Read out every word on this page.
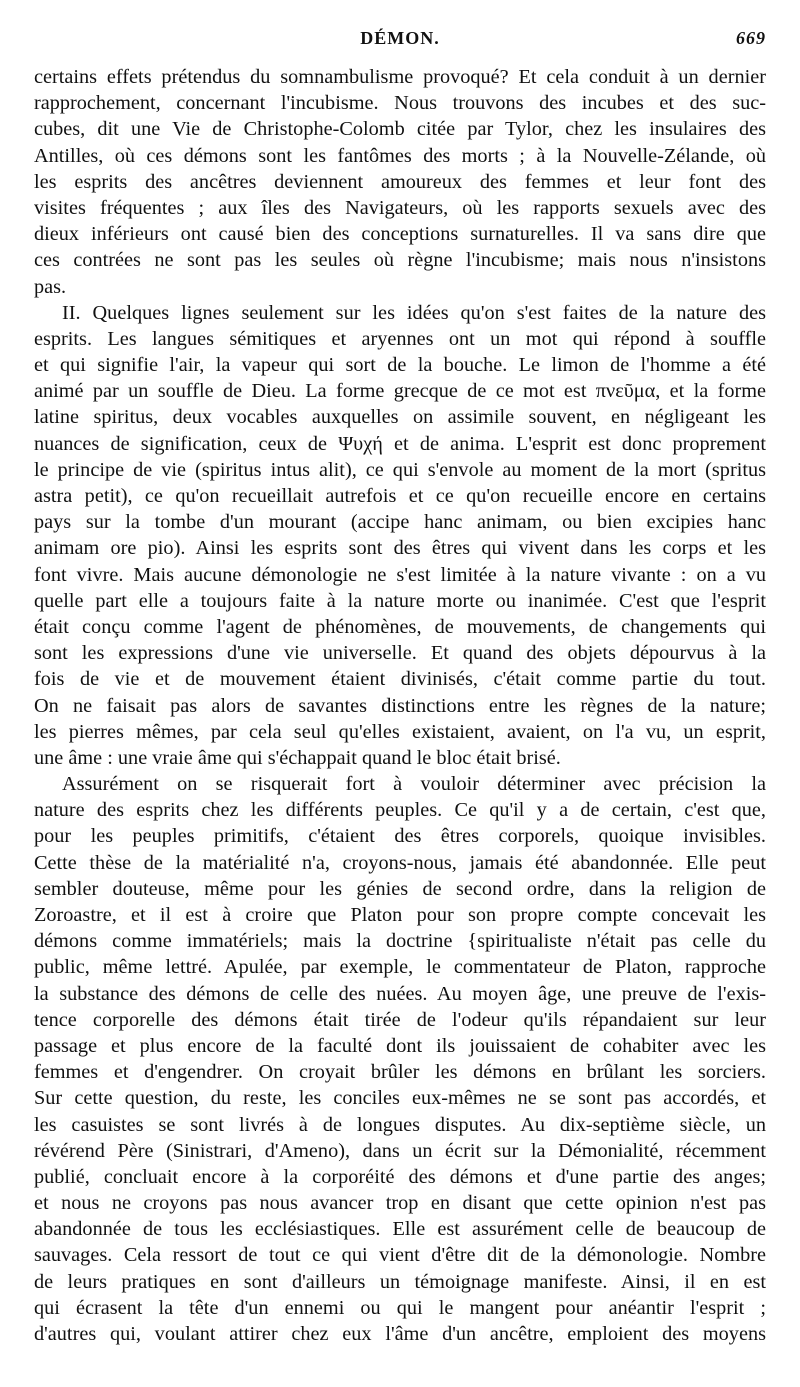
DÉMON.	669
certains effets prétendus du somnambulisme provoqué? Et cela conduit à un dernier
rapprochement, concernant l'incubisme. Nous trouvons des incubes et des suc-
cubes, dit une Vie de Christophe-Colomb citée par Tylor, chez les insulaires des
Antilles, où ces démons sont les fantômes des morts ; à la Nouvelle-Zélande, où
les esprits des ancêtres deviennent amoureux des femmes et leur font des
visites fréquentes ; aux îles des Navigateurs, où les rapports sexuels avec des
dieux inférieurs ont causé bien des conceptions surnaturelles. Il va sans dire que
ces contrées ne sont pas les seules où règne l'incubisme; mais nous n'insistons
pas.
II. Quelques lignes seulement sur les idées qu'on s'est faites de la nature des
esprits. Les langues sémitiques et aryennes ont un mot qui répond à souffle
et qui signifie l'air, la vapeur qui sort de la bouche. Le limon de l'homme a été
animé par un souffle de Dieu. La forme grecque de ce mot est πνεῦμα, et la forme
latine spiritus, deux vocables auxquelles on assimile souvent, en négligeant les
nuances de signification, ceux de Ψυχή et de anima. L'esprit est donc proprement
le principe de vie (spiritus intus alit), ce qui s'envole au moment de la mort (spritus
astra petit), ce qu'on recueillait autrefois et ce qu'on recueille encore en certains
pays sur la tombe d'un mourant (accipe hanc animam, ou bien excipies hanc
animam ore pio). Ainsi les esprits sont des êtres qui vivent dans les corps et les
font vivre. Mais aucune démonologie ne s'est limitée à la nature vivante : on a vu
quelle part elle a toujours faite à la nature morte ou inanimée. C'est que l'esprit
était conçu comme l'agent de phénomènes, de mouvements, de changements qui
sont les expressions d'une vie universelle. Et quand des objets dépourvus à la
fois de vie et de mouvement étaient divinisés, c'était comme partie du tout.
On ne faisait pas alors de savantes distinctions entre les règnes de la nature;
les pierres mêmes, par cela seul qu'elles existaient, avaient, on l'a vu, un esprit,
une âme : une vraie âme qui s'échappait quand le bloc était brisé.
Assurément on se risquerait fort à vouloir déterminer avec précision la
nature des esprits chez les différents peuples. Ce qu'il y a de certain, c'est que,
pour les peuples primitifs, c'étaient des êtres corporels, quoique invisibles.
Cette thèse de la matérialité n'a, croyons-nous, jamais été abandonnée. Elle peut
sembler douteuse, même pour les génies de second ordre, dans la religion de
Zoroastre, et il est à croire que Platon pour son propre compte concevait les
démons comme immatériels; mais la doctrine {spiritualiste n'était pas celle du
public, même lettré. Apulée, par exemple, le commentateur de Platon, rapproche
la substance des démons de celle des nuées. Au moyen âge, une preuve de l'exis-
tence corporelle des démons était tirée de l'odeur qu'ils répandaient sur leur
passage et plus encore de la faculté dont ils jouissaient de cohabiter avec les
femmes et d'engendrer. On croyait brûler les démons en brûlant les sorciers.
Sur cette question, du reste, les conciles eux-mêmes ne se sont pas accordés, et
les casuistes se sont livrés à de longues disputes. Au dix-septième siècle, un
révérend Père (Sinistrari, d'Ameno), dans un écrit sur la Démonialité, récemment
publié, concluait encore à la corporéité des démons et d'une partie des anges;
et nous ne croyons pas nous avancer trop en disant que cette opinion n'est pas
abandonnée de tous les ecclésiastiques. Elle est assurément celle de beaucoup de
sauvages. Cela ressort de tout ce qui vient d'être dit de la démonologie. Nombre
de leurs pratiques en sont d'ailleurs un témoignage manifeste. Ainsi, il en est
qui écrasent la tête d'un ennemi ou qui le mangent pour anéantir l'esprit ;
d'autres qui, voulant attirer chez eux l'âme d'un ancêtre, emploient des moyens
